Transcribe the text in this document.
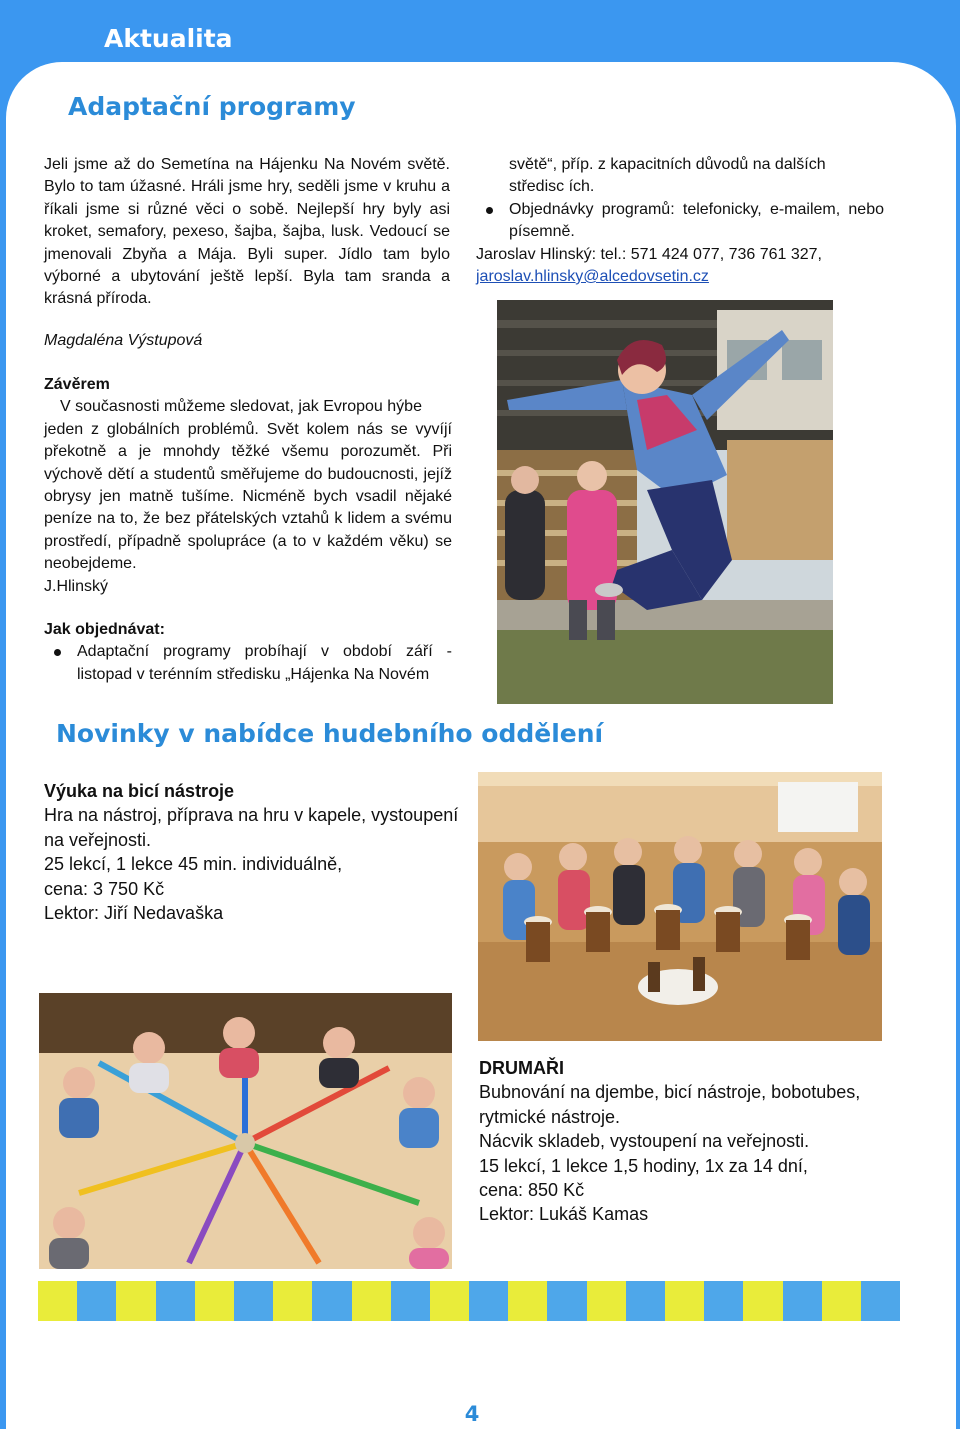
Aktualita
Adaptační programy

Jeli jsme až do Semetína na Hájenku Na Novém světě. Bylo to tam úžasné. Hráli jsme hry, seděli jsme v kruhu a říkali jsme si různé věci o sobě. Nejlepší hry byly asi kroket, semafory, pexeso, šajba, šajba, lusk. Vedoucí se jmenovali Zbyňa a Mája. Byli super. Jídlo tam bylo výborné a ubytování ještě lepší. Byla tam sranda a krásná příroda.

Magdaléna Výstupová

Závěrem
V současnosti můžeme sledovat, jak Evropou hýbe
jeden z globálních problémů. Svět kolem nás se vyvíjí překotně a je mnohdy těžké všemu porozumět. Při výchově dětí a studentů směřujeme do budoucnosti, jejíž obrysy jen matně tušíme. Nicméně bych vsadil nějaké peníze na to, že bez přátelských vztahů k lidem a svému prostředí, případně spolupráce (a to v každém věku) se neobejdeme.
J.Hlinský
Jak objednávat:
Adaptační programy probíhají v období září - listopad v terénním středisku „Hájenka Na Novém
světě“, příp. z kapacitních důvodů na dalších středisc ích.
Objednávky programů: telefonicky, e-mailem, nebo písemně.
Jaroslav Hlinský: tel.: 571 424 077, 736 761 327,
jaroslav.hlinsky@alcedovsetin.cz
Novinky v nabídce hudebního oddělení
Výuka na bicí nástroje
Hra na nástroj, příprava na hru v kapele, vystoupení na veřejnosti.
25 lekcí, 1 lekce 45 min. individuálně,
cena: 3 750 Kč
Lektor: Jiří Nedavaška
DRUMAŘI
Bubnování na djembe, bicí nástroje, bobotubes, rytmické nástroje.
Nácvik skladeb, vystoupení na veřejnosti.
15 lekcí, 1 lekce 1,5 hodiny, 1x za 14 dní,
cena: 850 Kč
Lektor: Lukáš Kamas
4
